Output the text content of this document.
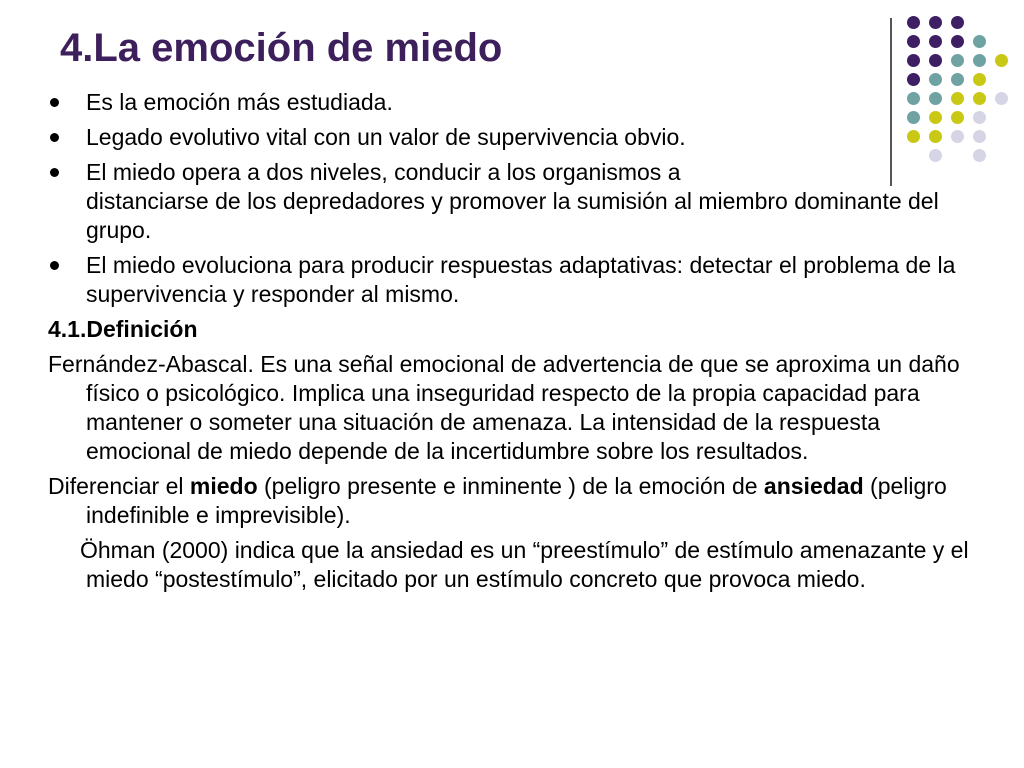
4.La emoción de miedo
Es la emoción más estudiada.
Legado evolutivo vital con un valor de supervivencia obvio.
El miedo opera a dos niveles, conducir a los organismos a
distanciarse de los depredadores y promover la sumisión al miembro dominante del grupo.
El miedo evoluciona para producir respuestas adaptativas: detectar el problema de la supervivencia y responder al mismo.
4.1.Definición
Fernández-Abascal. Es una señal emocional de advertencia de que se aproxima un daño físico o psicológico. Implica una inseguridad respecto de la propia capacidad para mantener o someter una situación de amenaza. La intensidad de la respuesta emocional de miedo depende de la incertidumbre sobre los resultados.
Diferenciar el miedo (peligro presente e inminente ) de la emoción de ansiedad (peligro indefinible e imprevisible).
Öhman (2000) indica que la ansiedad es un “preestímulo” de estímulo amenazante y el miedo “postestímulo”, elicitado por un estímulo concreto que provoca miedo.
